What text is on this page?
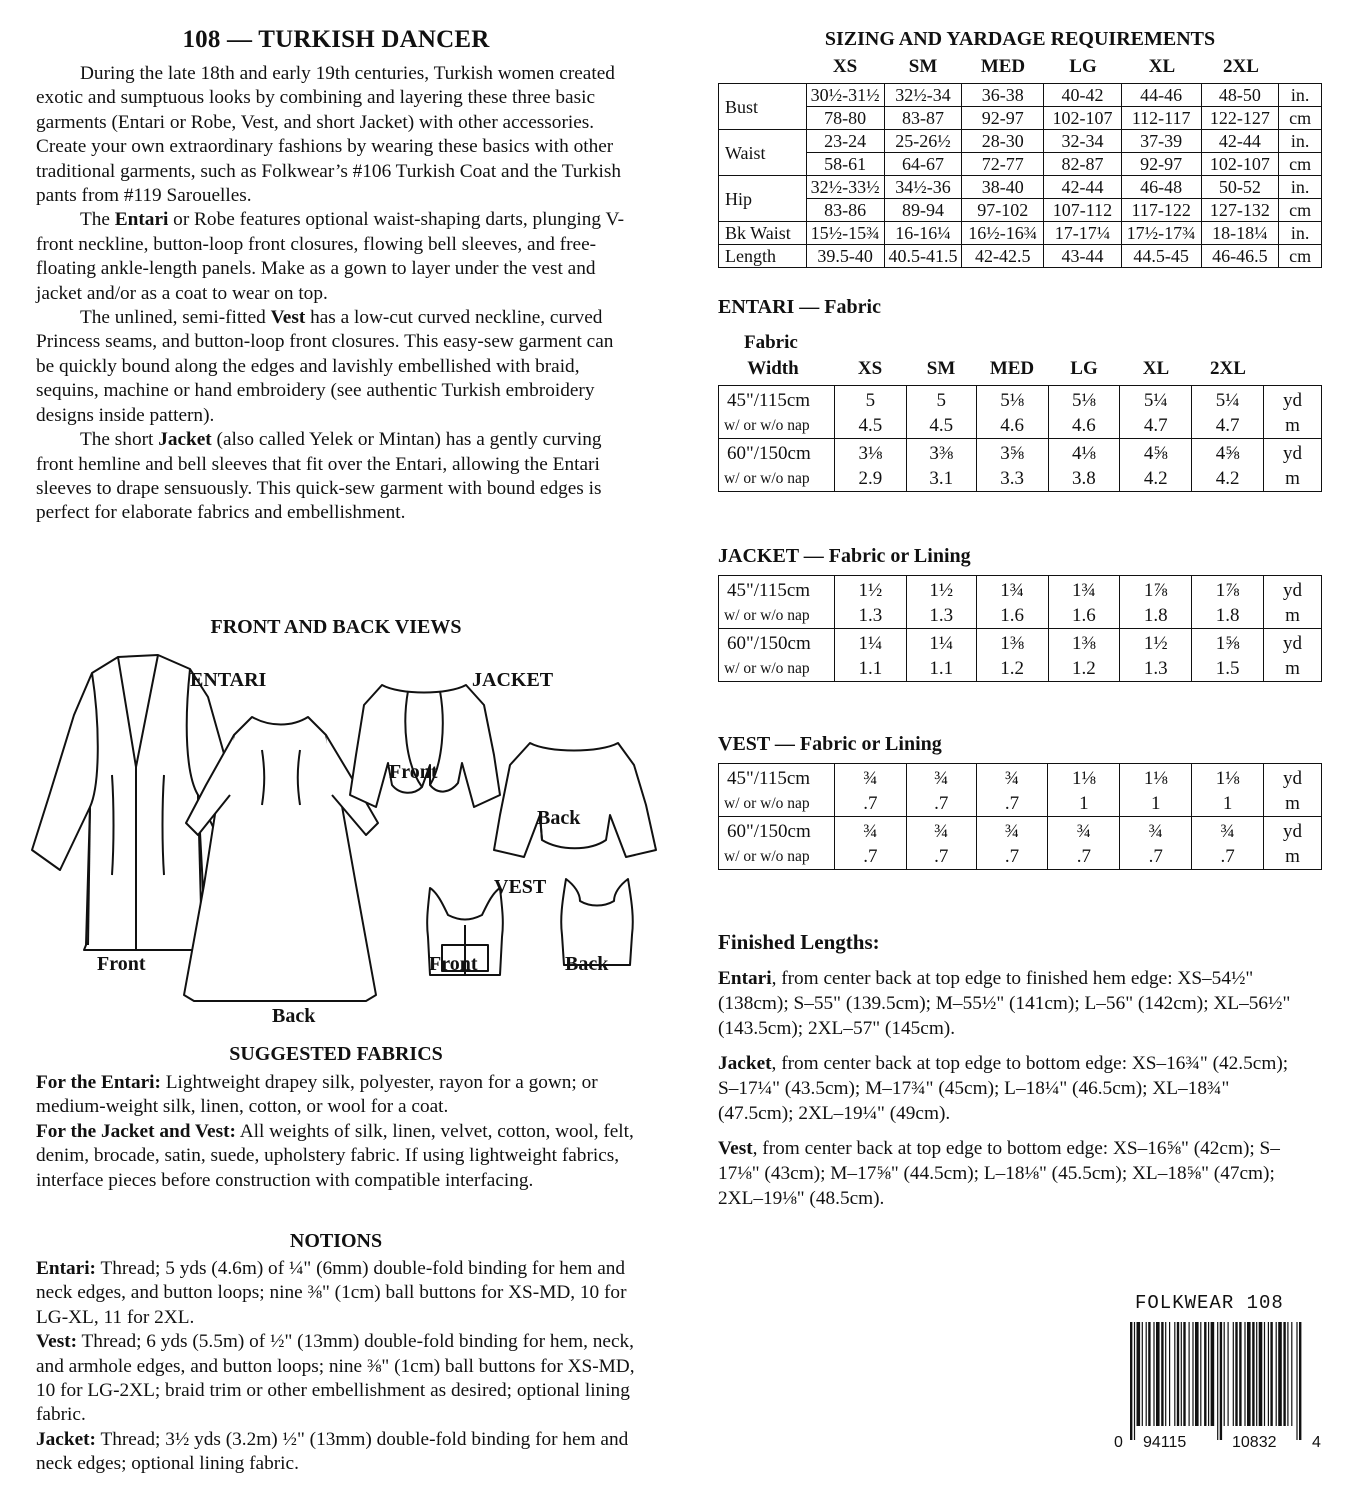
108 — TURKISH DANCER

During the late 18th and early 19th centuries, Turkish women created exotic and sumptuous looks by combining and layering these three basic garments (Entari or Robe, Vest, and short Jacket) with other accessories. Create your own extraordinary fashions by wearing these basics with other traditional garments, such as Folkwear’s #106 Turkish Coat and the Turkish pants from #119 Sarouelles.

The Entari or Robe features optional waist-shaping darts, plunging V-front neckline, button-loop front closures, flowing bell sleeves, and free-floating ankle-length panels. Make as a gown to layer under the vest and jacket and/or as a coat to wear on top.

The unlined, semi-fitted Vest has a low-cut curved neckline, curved Princess seams, and button-loop front closures. This easy-sew garment can be quickly bound along the edges and lavishly embellished with braid, sequins, machine or hand embroidery (see authentic Turkish embroidery designs inside pattern).

The short Jacket (also called Yelek or Mintan) has a gently curving front hemline and bell sleeves that fit over the Entari, allowing the Entari sleeves to drape sensuously. This quick-sew garment with bound edges is perfect for elaborate fabrics and embellishment.

FRONT AND BACK VIEWS
ENTARI	JACKET
Front
Back
VEST
Front	Front	Back
Back
SUGGESTED FABRICS

For the Entari: Lightweight drapey silk, polyester, rayon for a gown; or medium-weight silk, linen, cotton, or wool for a coat.

For the Jacket and Vest: All weights of silk, linen, velvet, cotton, wool, felt, denim, brocade, satin, suede, upholstery fabric. If using lightweight fabrics, interface pieces before construction with compatible interfacing.

NOTIONS

Entari: Thread; 5 yds (4.6m) of ¼" (6mm) double-fold binding for hem and neck edges, and button loops; nine ⅜" (1cm) ball buttons for XS-MD, 10 for LG-XL, 11 for 2XL.

Vest: Thread; 6 yds (5.5m) of ½" (13mm) double-fold binding for hem, neck, and armhole edges, and button loops; nine ⅜" (1cm) ball buttons for XS-MD, 10 for LG-2XL; braid trim or other embellishment as desired; optional lining fabric.

Jacket: Thread; 3½ yds (3.2m) ½" (13mm) double-fold binding for hem and neck edges; optional lining fabric.

SIZING AND YARDAGE REQUIREMENTS
XS	SM	MED	LG	XL	2XL
Bust	30½-31½	32½-34	36-38	40-42	44-46	48-50	in.
78-80	83-87	92-97	102-107	112-117	122-127	cm
Waist	23-24	25-26½	28-30	32-34	37-39	42-44	in.
58-61	64-67	72-77	82-87	92-97	102-107	cm
Hip	32½-33½	34½-36	38-40	42-44	46-48	50-52	in.
83-86	89-94	97-102	107-112	117-122	127-132	cm
Bk Waist	15½-15¾	16-16¼	16½-16¾	17-17¼	17½-17¾	18-18¼	in.
Length	39.5-40	40.5-41.5	42-42.5	43-44	44.5-45	46-46.5	cm
ENTARI — Fabric
Fabric
Width	XS	SM	MED	LG	XL	2XL
45"/115cm	5	5	5⅛	5⅛	5¼	5¼	yd
w/ or w/o nap	4.5	4.5	4.6	4.6	4.7	4.7	m
60"/150cm	3⅛	3⅜	3⅝	4⅛	4⅝	4⅝	yd
w/ or w/o nap	2.9	3.1	3.3	3.8	4.2	4.2	m
JACKET — Fabric or Lining
45"/115cm	1½	1½	1¾	1¾	1⅞	1⅞	yd
w/ or w/o nap	1.3	1.3	1.6	1.6	1.8	1.8	m
60"/150cm	1¼	1¼	1⅜	1⅜	1½	1⅝	yd
w/ or w/o nap	1.1	1.1	1.2	1.2	1.3	1.5	m
VEST — Fabric or Lining
45"/115cm	¾	¾	¾	1⅛	1⅛	1⅛	yd
w/ or w/o nap	.7	.7	.7	1	1	1	m
60"/150cm	¾	¾	¾	¾	¾	¾	yd
w/ or w/o nap	.7	.7	.7	.7	.7	.7	m
Finished Lengths:

Entari, from center back at top edge to finished hem edge: XS–54½" (138cm); S–55" (139.5cm); M–55½" (141cm); L–56" (142cm); XL–56½" (143.5cm); 2XL–57" (145cm).

Jacket, from center back at top edge to bottom edge: XS–16¾" (42.5cm); S–17¼" (43.5cm); M–17¾" (45cm); L–18¼" (46.5cm); XL–18¾" (47.5cm); 2XL–19¼" (49cm).

Vest, from center back at top edge to bottom edge: XS–16⅝" (42cm); S–17⅛" (43cm); M–17⅝" (44.5cm); L–18⅛" (45.5cm); XL–18⅝" (47cm); 2XL–19⅛" (48.5cm).

FOLKWEAR 108
0 94115	10832 4
